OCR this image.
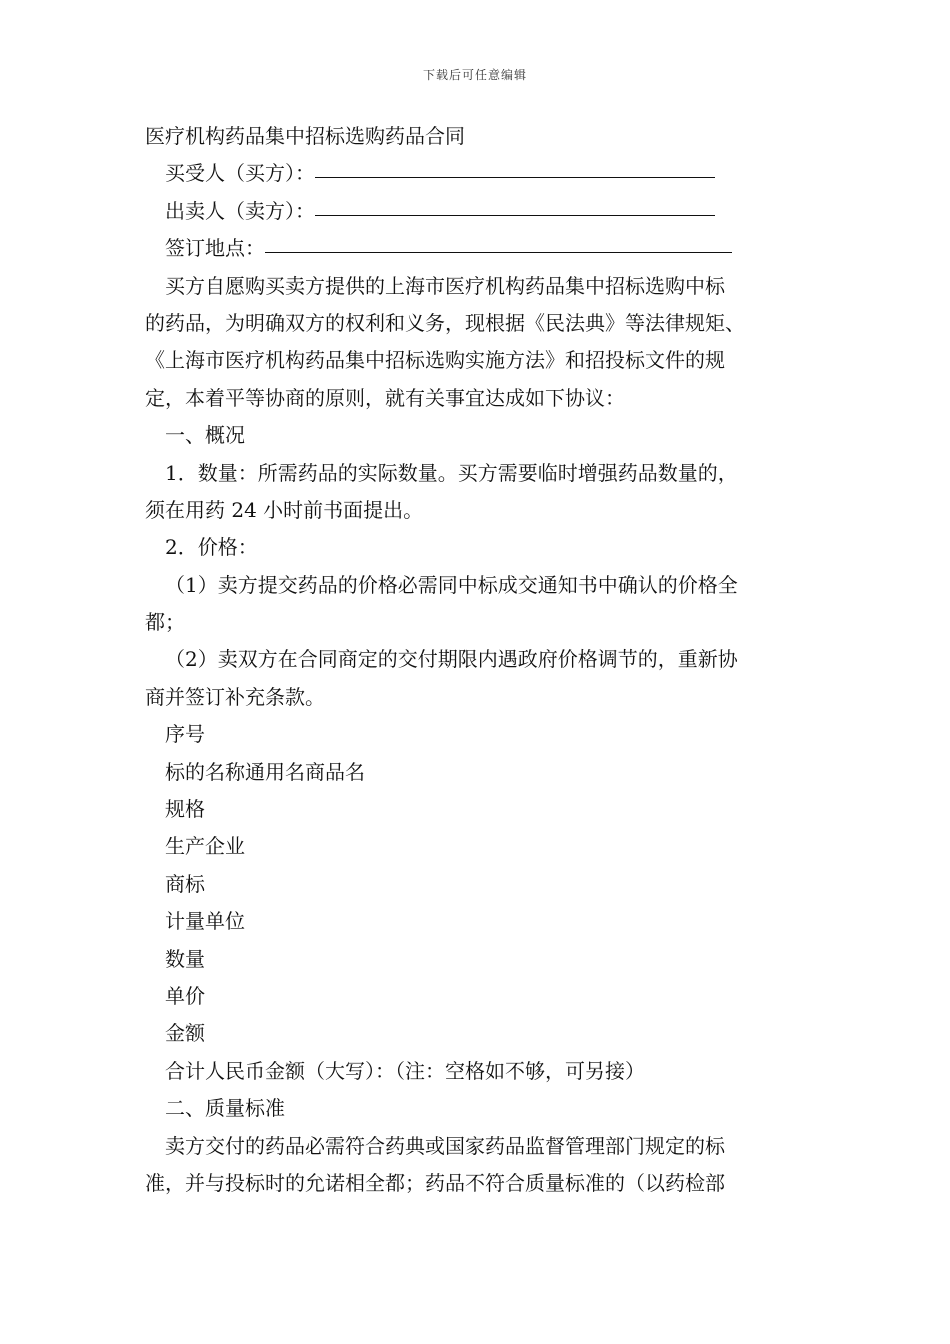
下载后可任意编辑
医疗机构药品集中招标选购药品合同
买受人（买方）：
出卖人（卖方）：
签订地点：
买方自愿购买卖方提供的上海市医疗机构药品集中招标选购中标
的药品，为明确双方的权利和义务，现根据《民法典》等法律规矩、
《上海市医疗机构药品集中招标选购实施方法》和招投标文件的规
定，本着平等协商的原则，就有关事宜达成如下协议：
一、概况
1．数量：所需药品的实际数量。买方需要临时增强药品数量的，
须在用药 24 小时前书面提出。
2．价格：
（1）卖方提交药品的价格必需同中标成交通知书中确认的价格全
都；
（2）卖双方在合同商定的交付期限内遇政府价格调节的，重新协
商并签订补充条款。
序号
标的名称通用名商品名
规格
生产企业
商标
计量单位
数量
单价
金额
合计人民币金额（大写）：（注：空格如不够，可另接）
二、质量标准
卖方交付的药品必需符合药典或国家药品监督管理部门规定的标
准，并与投标时的允诺相全都；药品不符合质量标准的（以药检部
